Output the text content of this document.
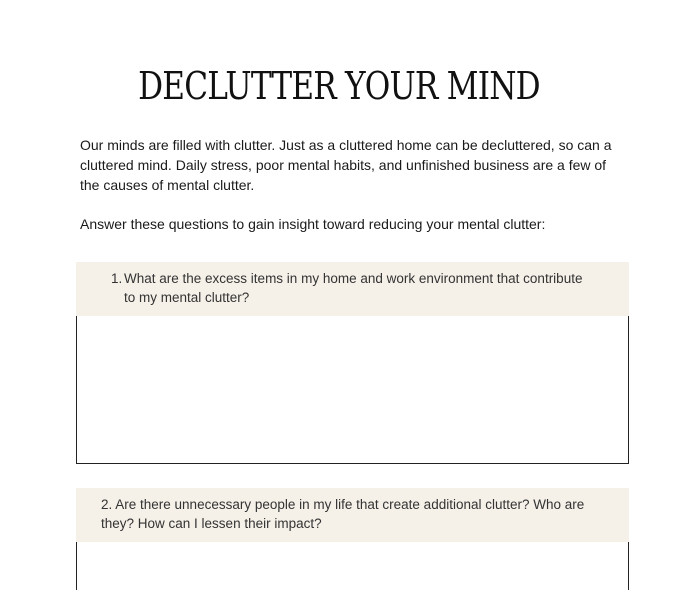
DECLUTTER YOUR MIND

Our minds are filled with clutter. Just as a cluttered home can be decluttered, so can a cluttered mind. Daily stress, poor mental habits, and unfinished business are a few of the causes of mental clutter.

Answer these questions to gain insight toward reducing your mental clutter:

1. What are the excess items in my home and work environment that contribute to my mental clutter?
2. Are there unnecessary people in my life that create additional clutter? Who are they? How can I lessen their impact?
